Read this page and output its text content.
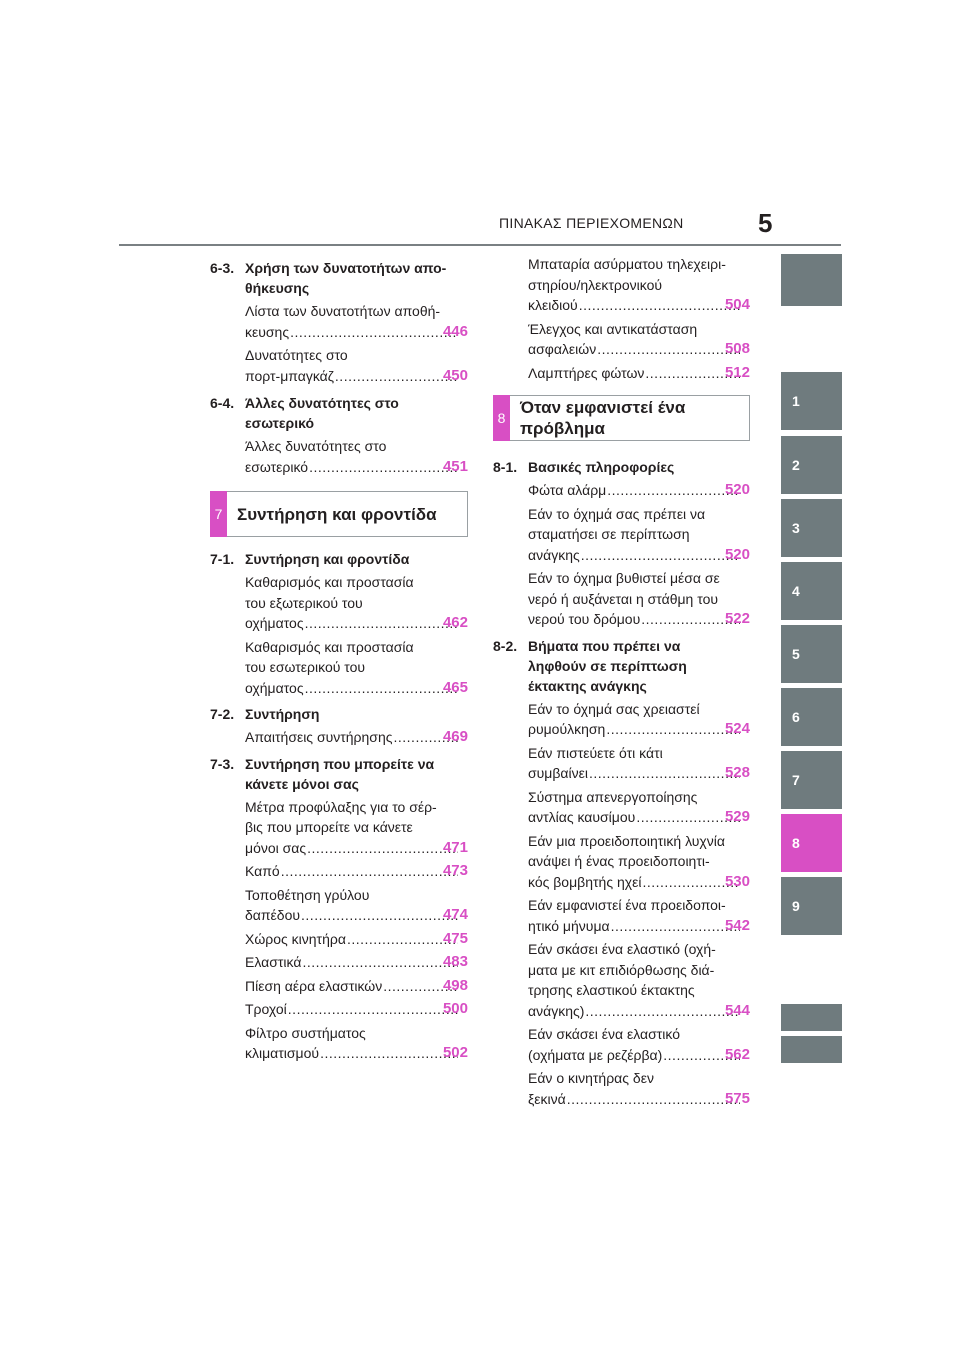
ΠΙΝΑΚΑΣ ΠΕΡΙΕΧΟΜΕΝΩΝ	5
1
2
3
4
5
6
7
8
9
6-3. Χρήση των δυνατοτήτων απο-
θήκευσης
Λίστα των δυνατοτήτων αποθή-
κευσης .....	446
Δυνατότητες στο
πορτ-μπαγκάζ .....	450
6-4. Άλλες δυνατότητες στο
εσωτερικό
Άλλες δυνατότητες στο
εσωτερικό .....	451
7 Συντήρηση και φροντίδα
7-1. Συντήρηση και φροντίδα
Καθαρισμός και προστασία
του εξωτερικού του
οχήματος .....	462
Καθαρισμός και προστασία
του εσωτερικού του
οχήματος .....	465
7-2. Συντήρηση
Απαιτήσεις συντήρησης .....	469
7-3. Συντήρηση που μπορείτε να
κάνετε μόνοι σας
Μέτρα προφύλαξης για το σέρ-
βις που μπορείτε να κάνετε
μόνοι σας .....	471
Καπό .....	473
Τοποθέτηση γρύλου
δαπέδου .....	474
Χώρος κινητήρα .....	475
Ελαστικά .....	483
Πίεση αέρα ελαστικών .....	498
Τροχοί .....	500
Φίλτρο συστήματος
κλιματισμού .....	502
Μπαταρία ασύρματου τηλεχειρι-
στηρίου/ηλεκτρονικού
κλειδιού .....	504
Έλεγχος και αντικατάσταση
ασφαλειών .....	508
Λαμπτήρες φώτων .....	512
8
Όταν εμφανιστεί ένα
πρόβλημα
8-1. Βασικές πληροφορίες
Φώτα αλάρμ .....	520
Εάν το όχημά σας πρέπει να
σταματήσει σε περίπτωση
ανάγκης .....	520
Εάν το όχημα βυθιστεί μέσα σε
νερό ή αυξάνεται η στάθμη του
νερού του δρόμου .....	522
8-2. Βήματα που πρέπει να
ληφθούν σε περίπτωση
έκτακτης ανάγκης
Εάν το όχημά σας χρειαστεί
ρυμούλκηση .....	524
Εάν πιστεύετε ότι κάτι
συμβαίνει .....	528
Σύστημα απενεργοποίησης
αντλίας καυσίμου .....	529
Εάν μια προειδοποιητική λυχνία
ανάψει ή ένας προειδοποιητι-
κός βομβητής ηχεί .....	530
Εάν εμφανιστεί ένα προειδοποι-
ητικό μήνυμα .....	542
Εάν σκάσει ένα ελαστικό (οχή-
ματα με κιτ επιδιόρθωσης διά-
τρησης ελαστικού έκτακτης
ανάγκης) .....	544
Εάν σκάσει ένα ελαστικό
(οχήματα με ρεζέρβα) .....	562
Εάν ο κινητήρας δεν
ξεκινά .....	575
